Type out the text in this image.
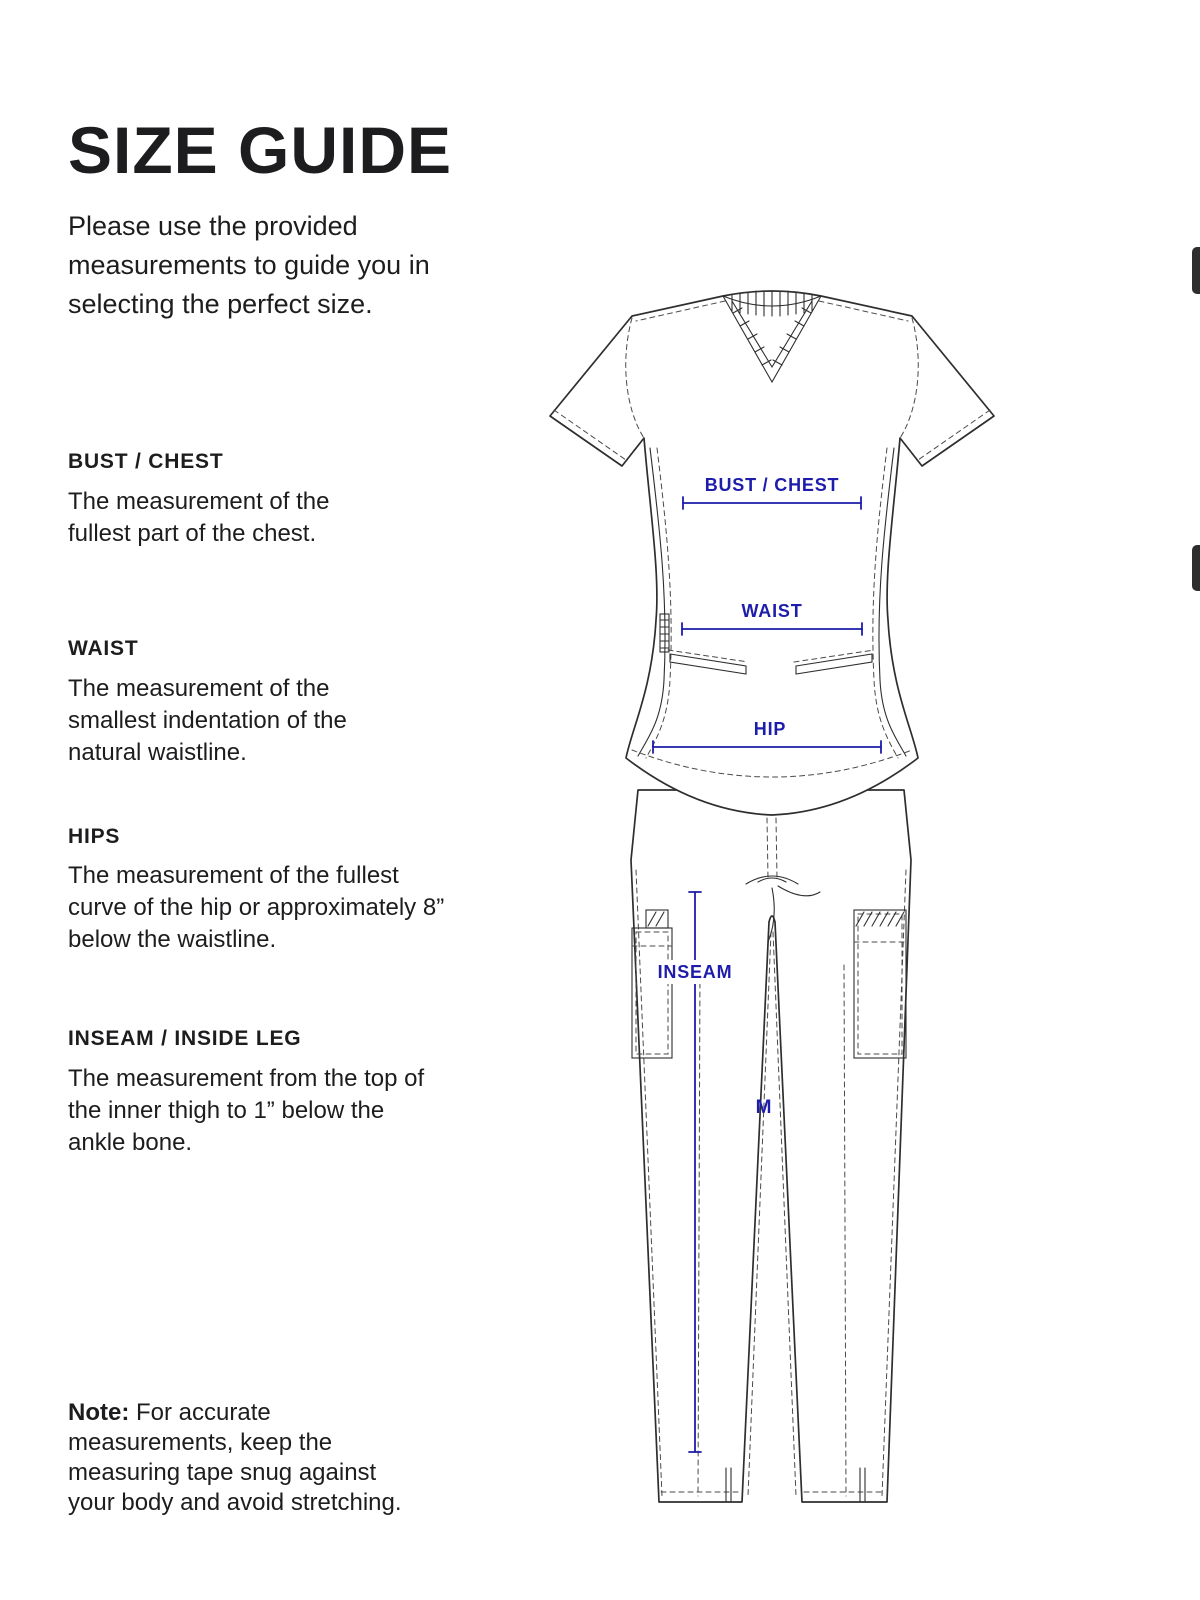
SIZE GUIDE

Please use the provided measurements to guide you in selecting the perfect size.

BUST / CHEST
The measurement of the fullest part of the chest.
WAIST
The measurement of the smallest indentation of the natural waistline.
HIPS
The measurement of the fullest curve of the hip or approximately 8” below the waistline.
INSEAM / INSIDE LEG
The measurement from the top of the inner thigh to 1” below the ankle bone.

Note: For accurate measurements, keep the measuring tape snug against your body and avoid stretching.

BUST / CHEST
WAIST
HIP
INSEAM
M
